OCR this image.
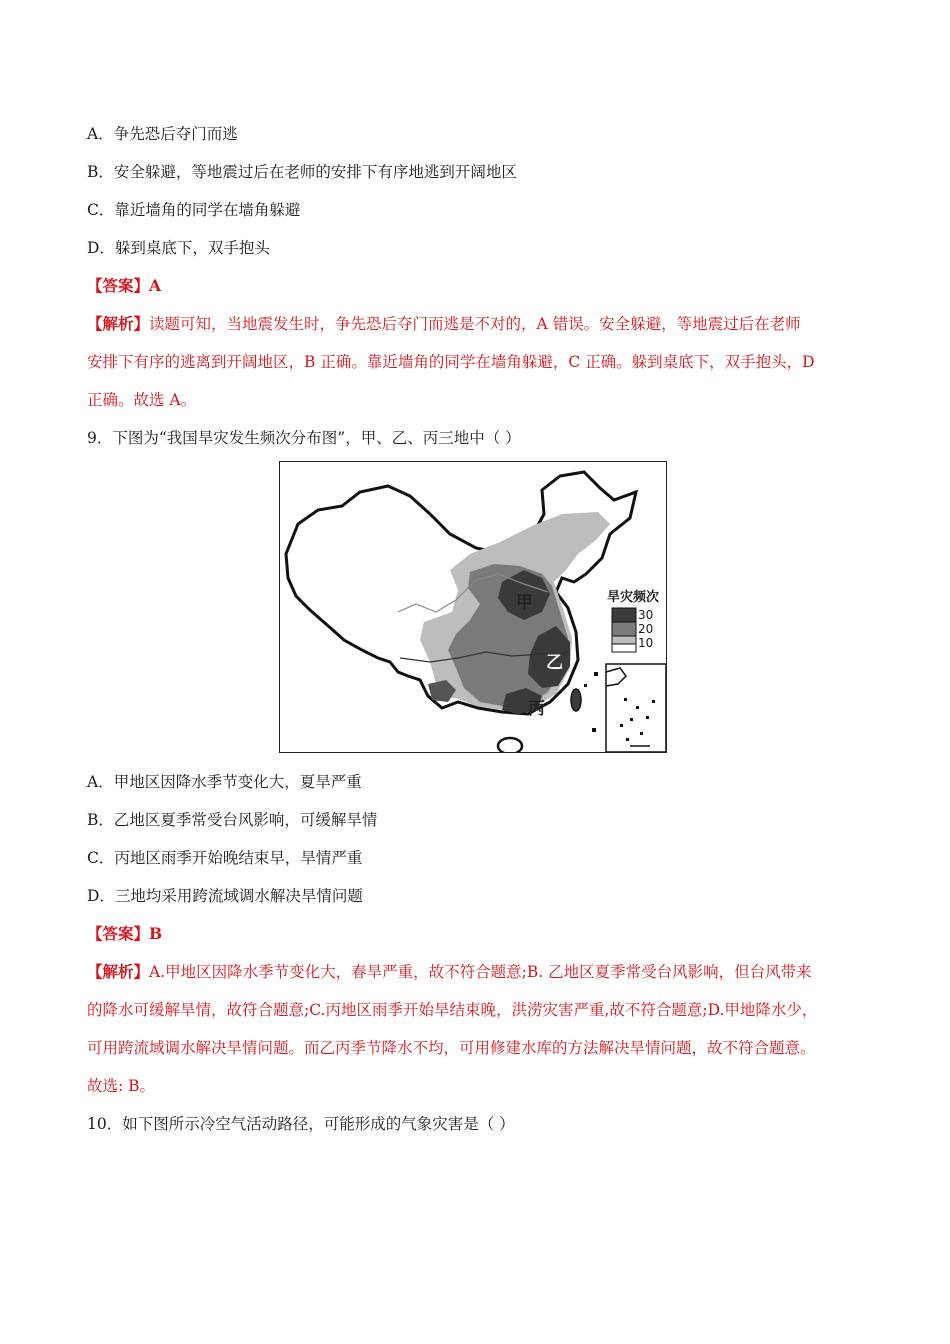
A．争先恐后夺门而逃
B．安全躲避，等地震过后在老师的安排下有序地逃到开阔地区
C．靠近墙角的同学在墙角躲避
D．躲到桌底下，双手抱头
【答案】A
【解析】读题可知，当地震发生时，争先恐后夺门而逃是不对的，A 错误。安全躲避，等地震过后在老师
安排下有序的逃离到开阔地区，B 正确。靠近墙角的同学在墙角躲避，C 正确。躲到桌底下，双手抱头，D
正确。故选 A。
9．下图为“我国旱灾发生频次分布图”，甲、乙、丙三地中（ ）
旱灾频次
30
20
10
甲
乙
丙
A．甲地区因降水季节变化大，夏旱严重
B．乙地区夏季常受台风影响，可缓解旱情
C．丙地区雨季开始晚结束早，旱情严重
D．三地均采用跨流域调水解决旱情问题
【答案】B
【解析】A.甲地区因降水季节变化大，春旱严重，故不符合题意;B. 乙地区夏季常受台风影响，但台风带来
的降水可缓解旱情，故符合题意;C.丙地区雨季开始旱结束晚，洪涝灾害严重,故不符合题意;D.甲地降水少，
可用跨流域调水解决旱情问题。而乙丙季节降水不均，可用修建水库的方法解决旱情问题，故不符合题意。
故选: B。
10．如下图所示冷空气活动路径，可能形成的气象灾害是（ ）
